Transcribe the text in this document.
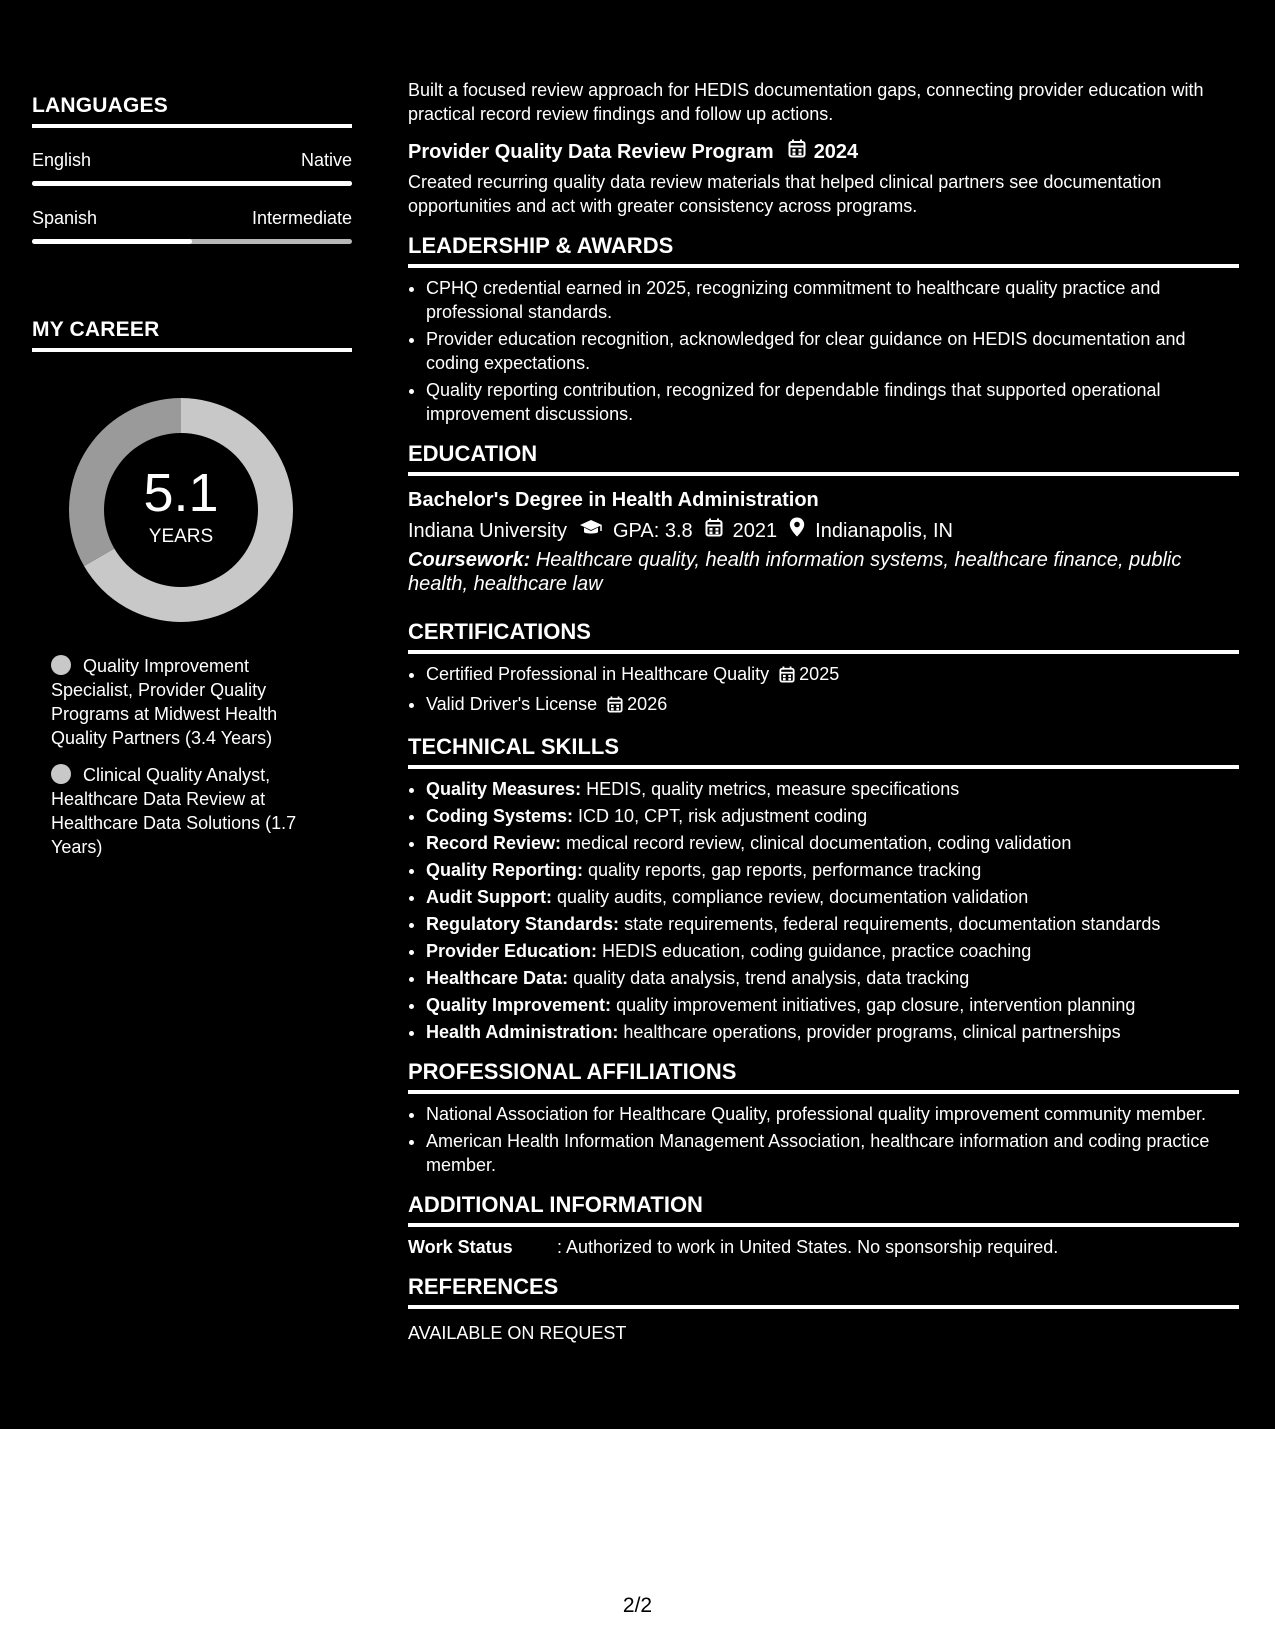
LANGUAGES
English	Native
Spanish	Intermediate
MY CAREER
5.1
YEARS
Quality Improvement Specialist, Provider Quality Programs at Midwest Health Quality Partners (3.4 Years)
Clinical Quality Analyst, Healthcare Data Review at Healthcare Data Solutions (1.7 Years)
Built a focused review approach for HEDIS documentation gaps, connecting provider education with practical record review findings and follow up actions.
Provider Quality Data Review Program 2024
Created recurring quality data review materials that helped clinical partners see documentation opportunities and act with greater consistency across programs.
LEADERSHIP & AWARDS
• CPHQ credential earned in 2025, recognizing commitment to healthcare quality practice and professional standards.
• Provider education recognition, acknowledged for clear guidance on HEDIS documentation and coding expectations.
• Quality reporting contribution, recognized for dependable findings that supported operational improvement discussions.
EDUCATION
Bachelor's Degree in Health Administration
Indiana University GPA: 3.8 2021 Indianapolis, IN
Coursework: Healthcare quality, health information systems, healthcare finance, public health, healthcare law
CERTIFICATIONS
• Certified Professional in Healthcare Quality 2025
• Valid Driver's License 2026
TECHNICAL SKILLS
• Quality Measures: HEDIS, quality metrics, measure specifications
• Coding Systems: ICD 10, CPT, risk adjustment coding
• Record Review: medical record review, clinical documentation, coding validation
• Quality Reporting: quality reports, gap reports, performance tracking
• Audit Support: quality audits, compliance review, documentation validation
• Regulatory Standards: state requirements, federal requirements, documentation standards
• Provider Education: HEDIS education, coding guidance, practice coaching
• Healthcare Data: quality data analysis, trend analysis, data tracking
• Quality Improvement: quality improvement initiatives, gap closure, intervention planning
• Health Administration: healthcare operations, provider programs, clinical partnerships
PROFESSIONAL AFFILIATIONS
• National Association for Healthcare Quality, professional quality improvement community member.
• American Health Information Management Association, healthcare information and coding practice member.
ADDITIONAL INFORMATION
Work Status	: Authorized to work in United States. No sponsorship required.
REFERENCES
AVAILABLE ON REQUEST
2/2
